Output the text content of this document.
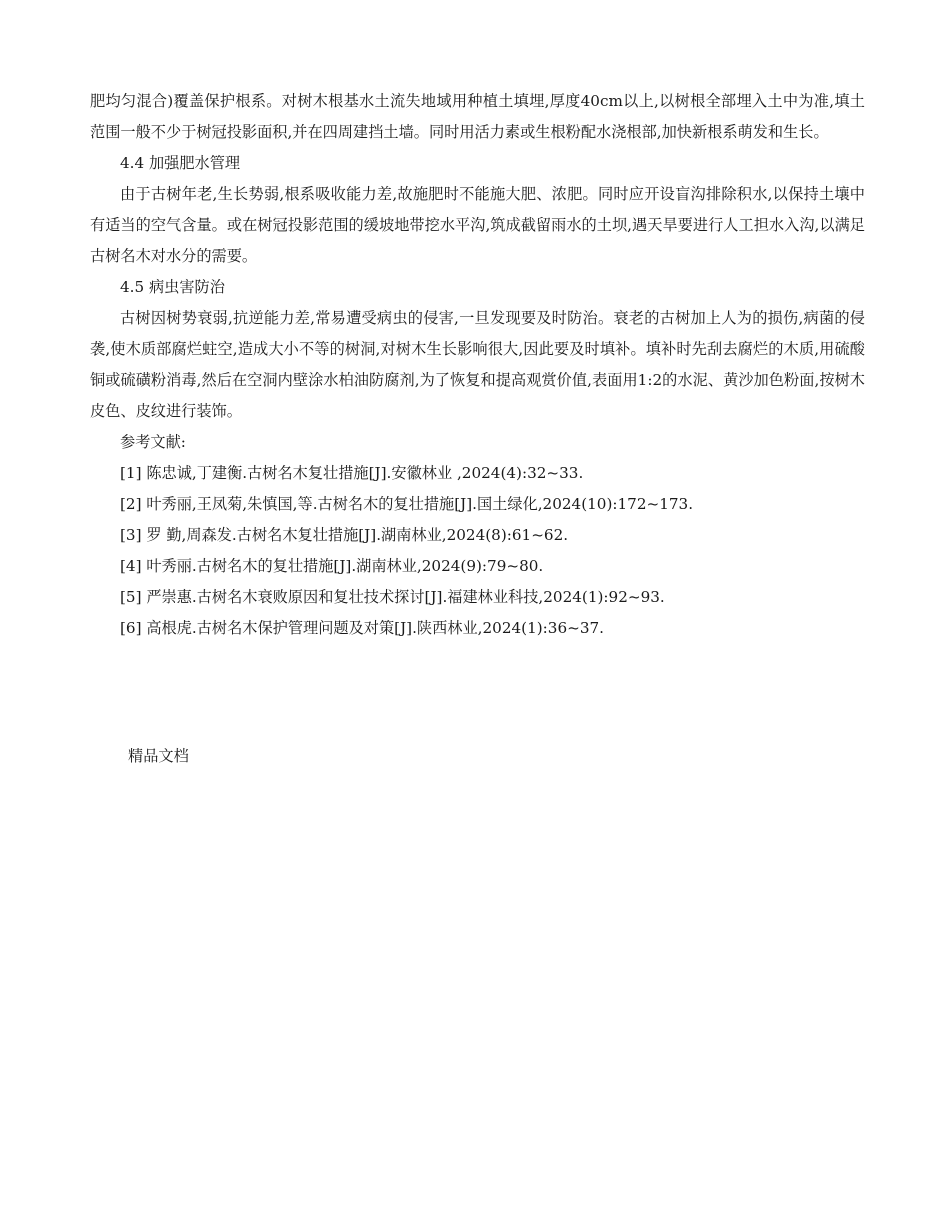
肥均匀混合)覆盖保护根系。对树木根基水土流失地域用种植土填埋,厚度40cm以上,以树根全部埋入土中为准,填土范围一般不少于树冠投影面积,并在四周建挡土墙。同时用活力素或生根粉配水浇根部,加快新根系萌发和生长。

4.4 加强肥水管理

由于古树年老,生长势弱,根系吸收能力差,故施肥时不能施大肥、浓肥。同时应开设盲沟排除积水,以保持土壤中有适当的空气含量。或在树冠投影范围的缓坡地带挖水平沟,筑成截留雨水的土坝,遇天旱要进行人工担水入沟,以满足古树名木对水分的需要。

4.5 病虫害防治

古树因树势衰弱,抗逆能力差,常易遭受病虫的侵害,一旦发现要及时防治。衰老的古树加上人为的损伤,病菌的侵袭,使木质部腐烂蛀空,造成大小不等的树洞,对树木生长影响很大,因此要及时填补。填补时先刮去腐烂的木质,用硫酸铜或硫磺粉消毒,然后在空洞内壁涂水柏油防腐剂,为了恢复和提高观赏价值,表面用1:2的水泥、黄沙加色粉面,按树木皮色、皮纹进行装饰。

参考文献:

[1] 陈忠诚,丁建衡.古树名木复壮措施[J].安徽林业 ,2024(4):32~33.

[2] 叶秀丽,王凤菊,朱慎国,等.古树名木的复壮措施[J].国土绿化,2024(10):172~173.

[3] 罗 勤,周森发.古树名木复壮措施[J].湖南林业,2024(8):61~62.

[4] 叶秀丽.古树名木的复壮措施[J].湖南林业,2024(9):79~80.

[5] 严崇惠.古树名木衰败原因和复壮技术探讨[J].福建林业科技,2024(1):92~93.

[6] 高根虎.古树名木保护管理问题及对策[J].陕西林业,2024(1):36~37.

精品文档
